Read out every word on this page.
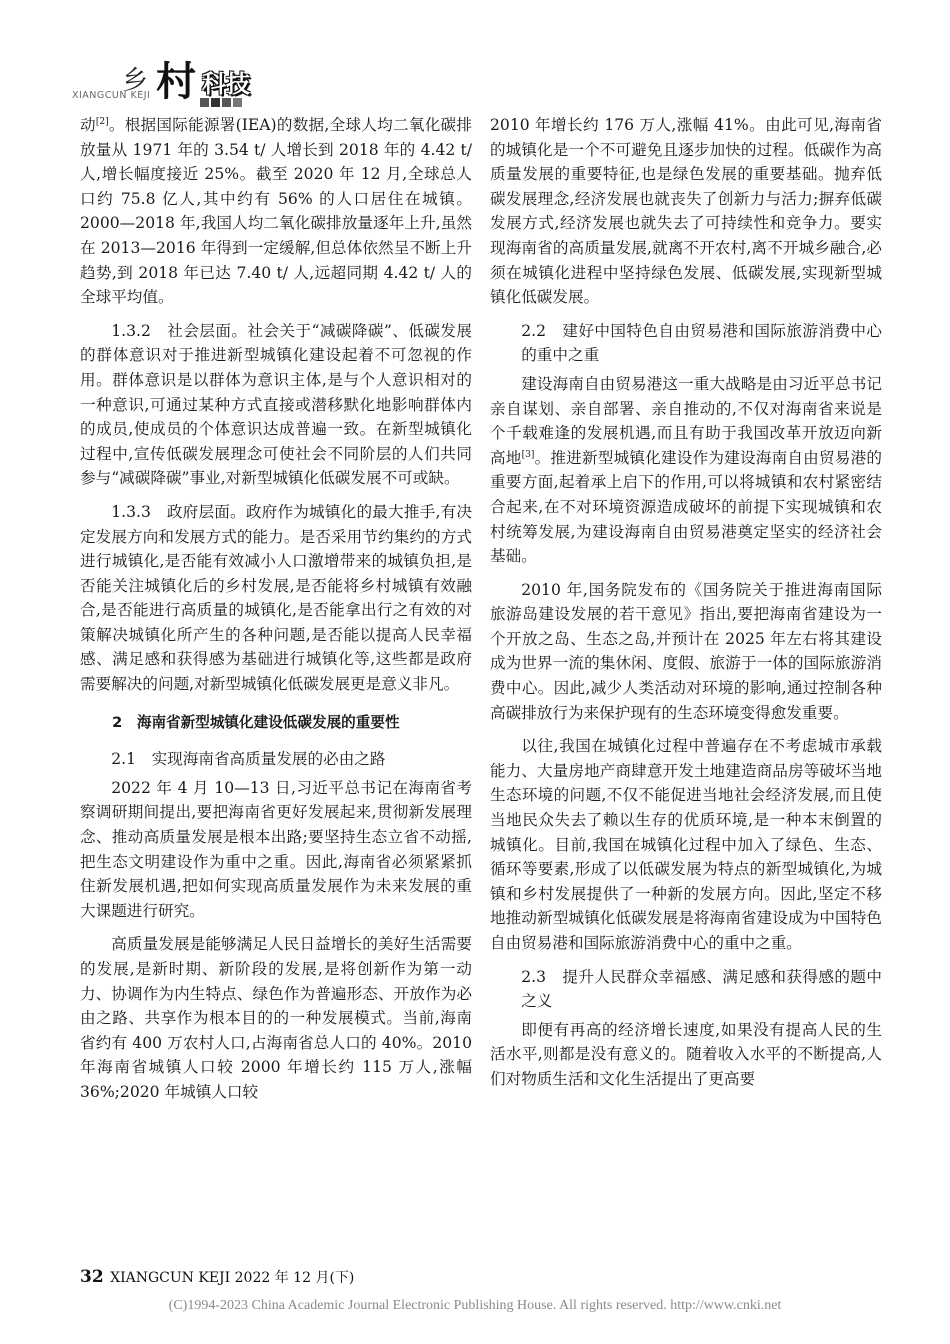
乡 村 科技
XIANGCUN KEJI

动[2]。根据国际能源署(IEA)的数据,全球人均二氧化碳排放量从 1971 年的 3.54 t/ 人增长到 2018 年的 4.42 t/ 人,增长幅度接近 25%。截至 2020 年 12 月,全球总人口约 75.8 亿人,其中约有 56% 的人口居住在城镇。2000—2018 年,我国人均二氧化碳排放量逐年上升,虽然在 2013—2016 年得到一定缓解,但总体依然呈不断上升趋势,到 2018 年已达 7.40 t/ 人,远超同期 4.42 t/ 人的全球平均值。

1.3.2　社会层面。社会关于“减碳降碳”、低碳发展的群体意识对于推进新型城镇化建设起着不可忽视的作用。群体意识是以群体为意识主体,是与个人意识相对的一种意识,可通过某种方式直接或潜移默化地影响群体内的成员,使成员的个体意识达成普遍一致。在新型城镇化过程中,宣传低碳发展理念可使社会不同阶层的人们共同参与“减碳降碳”事业,对新型城镇化低碳发展不可或缺。

1.3.3　政府层面。政府作为城镇化的最大推手,有决定发展方向和发展方式的能力。是否采用节约集约的方式进行城镇化,是否能有效减小人口激增带来的城镇负担,是否能关注城镇化后的乡村发展,是否能将乡村城镇有效融合,是否能进行高质量的城镇化,是否能拿出行之有效的对策解决城镇化所产生的各种问题,是否能以提高人民幸福感、满足感和获得感为基础进行城镇化等,这些都是政府需要解决的问题,对新型城镇化低碳发展更是意义非凡。

2　海南省新型城镇化建设低碳发展的重要性

2.1　实现海南省高质量发展的必由之路

2022 年 4 月 10—13 日,习近平总书记在海南省考察调研期间提出,要把海南省更好发展起来,贯彻新发展理念、推动高质量发展是根本出路;要坚持生态立省不动摇,把生态文明建设作为重中之重。因此,海南省必须紧紧抓住新发展机遇,把如何实现高质量发展作为未来发展的重大课题进行研究。

高质量发展是能够满足人民日益增长的美好生活需要的发展,是新时期、新阶段的发展,是将创新作为第一动力、协调作为内生特点、绿色作为普遍形态、开放作为必由之路、共享作为根本目的的一种发展模式。当前,海南省约有 400 万农村人口,占海南省总人口的 40%。2010 年海南省城镇人口较 2000 年增长约 115 万人,涨幅 36%;2020 年城镇人口较

2010 年增长约 176 万人,涨幅 41%。由此可见,海南省的城镇化是一个不可避免且逐步加快的过程。低碳作为高质量发展的重要特征,也是绿色发展的重要基础。抛弃低碳发展理念,经济发展也就丧失了创新力与活力;摒弃低碳发展方式,经济发展也就失去了可持续性和竞争力。要实现海南省的高质量发展,就离不开农村,离不开城乡融合,必须在城镇化进程中坚持绿色发展、低碳发展,实现新型城镇化低碳发展。

2.2　建好中国特色自由贸易港和国际旅游消费中心的重中之重

建设海南自由贸易港这一重大战略是由习近平总书记亲自谋划、亲自部署、亲自推动的,不仅对海南省来说是个千载难逢的发展机遇,而且有助于我国改革开放迈向新高地[3]。推进新型城镇化建设作为建设海南自由贸易港的重要方面,起着承上启下的作用,可以将城镇和农村紧密结合起来,在不对环境资源造成破坏的前提下实现城镇和农村统筹发展,为建设海南自由贸易港奠定坚实的经济社会基础。

2010 年,国务院发布的《国务院关于推进海南国际旅游岛建设发展的若干意见》指出,要把海南省建设为一个开放之岛、生态之岛,并预计在 2025 年左右将其建设成为世界一流的集休闲、度假、旅游于一体的国际旅游消费中心。因此,减少人类活动对环境的影响,通过控制各种高碳排放行为来保护现有的生态环境变得愈发重要。

以往,我国在城镇化过程中普遍存在不考虑城市承载能力、大量房地产商肆意开发土地建造商品房等破坏当地生态环境的问题,不仅不能促进当地社会经济发展,而且使当地民众失去了赖以生存的优质环境,是一种本末倒置的城镇化。目前,我国在城镇化过程中加入了绿色、生态、循环等要素,形成了以低碳发展为特点的新型城镇化,为城镇和乡村发展提供了一种新的发展方向。因此,坚定不移地推动新型城镇化低碳发展是将海南省建设成为中国特色自由贸易港和国际旅游消费中心的重中之重。

2.3　提升人民群众幸福感、满足感和获得感的题中之义

即便有再高的经济增长速度,如果没有提高人民的生活水平,则都是没有意义的。随着收入水平的不断提高,人们对物质生活和文化生活提出了更高要

32 XIANGCUN KEJI 2022 年 12 月(下)
(C)1994-2023 China Academic Journal Electronic Publishing House. All rights reserved. http://www.cnki.net
